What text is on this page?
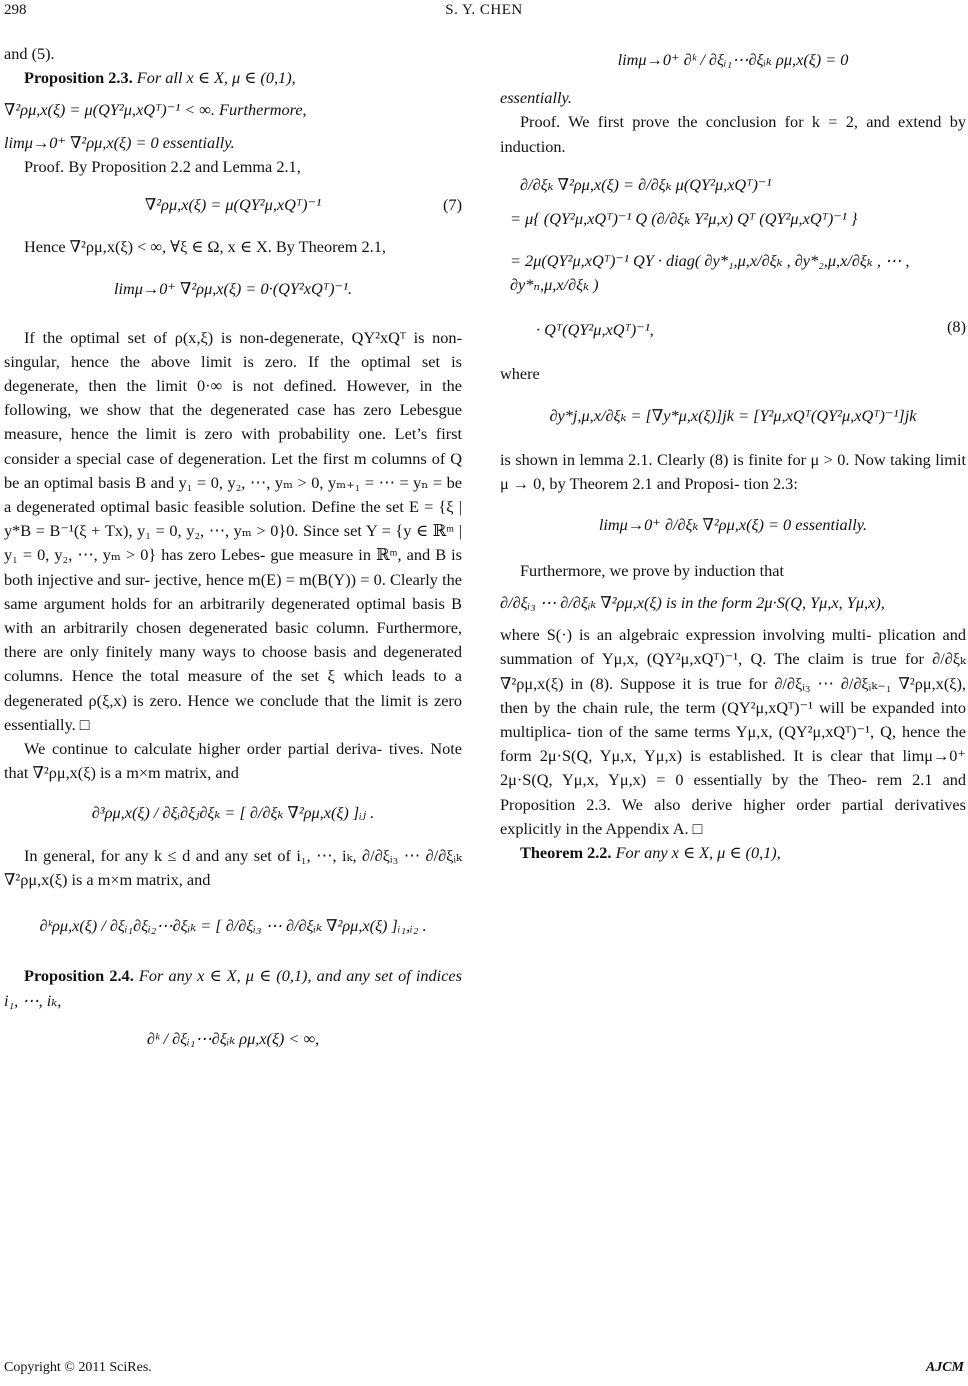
298	S. Y. CHEN

and (5).

Proposition 2.3. For all x ∈ X, μ ∈ (0,1),

∇²ρμ,x(ξ) = μ(QY²μ,xQᵀ)⁻¹ < ∞. Furthermore,

limμ→0⁺ ∇²ρμ,x(ξ) = 0 essentially.

Proof. By Proposition 2.2 and Lemma 2.1,

∇²ρμ,x(ξ) = μ(QY²μ,xQᵀ)⁻¹	(7)

Hence ∇²ρμ,x(ξ) < ∞, ∀ξ ∈ Ω, x ∈ X. By Theorem 2.1,

limμ→0⁺ ∇²ρμ,x(ξ) = 0·(QY²xQᵀ)⁻¹.

If the optimal set of ρ(x,ξ) is non-degenerate, QY²xQᵀ is non-singular, hence the above limit is zero. If the optimal set is degenerate, then the limit 0·∞ is not defined. However, in the following, we show that the degenerated case has zero Lebesgue measure, hence the limit is zero with probability one. Let’s first consider a special case of degeneration. Let the first m columns of Q be an optimal basis B and y₁ = 0, y₂, ⋯, yₘ > 0, yₘ₊₁ = ⋯ = yₙ = be a degenerated optimal basic feasible solution. Define the set E = {ξ | y*B = B⁻¹(ξ + Tx), y₁ = 0, y₂, ⋯, yₘ > 0}0. Since set Y = {y ∈ ℝᵐ | y₁ = 0, y₂, ⋯, yₘ > 0} has zero Lebes- gue measure in ℝᵐ, and B is both injective and sur- jective, hence m(E) = m(B(Y)) = 0. Clearly the same argument holds for an arbitrarily degenerated optimal basis B with an arbitrarily chosen degenerated basic column. Furthermore, there are only finitely many ways to choose basis and degenerated columns. Hence the total measure of the set ξ which leads to a degenerated ρ(ξ,x) is zero. Hence we conclude that the limit is zero essentially. □

We continue to calculate higher order partial deriva- tives. Note that ∇²ρμ,x(ξ) is a m×m matrix, and

∂³ρμ,x(ξ) / ∂ξᵢ∂ξⱼ∂ξₖ = [ ∂/∂ξₖ ∇²ρμ,x(ξ) ]ᵢⱼ .

In general, for any k ≤ d and any set of i₁, ⋯, iₖ, ∂/∂ξᵢ₃ ⋯ ∂/∂ξᵢₖ ∇²ρμ,x(ξ) is a m×m matrix, and

∂ᵏρμ,x(ξ) / ∂ξᵢ₁∂ξᵢ₂⋯∂ξᵢₖ = [ ∂/∂ξᵢ₃ ⋯ ∂/∂ξᵢₖ ∇²ρμ,x(ξ) ]ᵢ₁,ᵢ₂ .

Proposition 2.4. For any x ∈ X, μ ∈ (0,1), and any set of indices i₁, ⋯, iₖ,

∂ᵏ / ∂ξᵢ₁⋯∂ξᵢₖ ρμ,x(ξ) < ∞,
limμ→0⁺ ∂ᵏ / ∂ξᵢ₁⋯∂ξᵢₖ ρμ,x(ξ) = 0

essentially.

Proof. We first prove the conclusion for k = 2, and extend by induction.

∂/∂ξₖ ∇²ρμ,x(ξ) = ∂/∂ξₖ μ(QY²μ,xQᵀ)⁻¹
= μ{ (QY²μ,xQᵀ)⁻¹ Q (∂/∂ξₖ Y²μ,x) Qᵀ (QY²μ,xQᵀ)⁻¹ }
= 2μ(QY²μ,xQᵀ)⁻¹ QY · diag( ∂y*₁,μ,x/∂ξₖ , ∂y*₂,μ,x/∂ξₖ , ⋯ , ∂y*ₙ,μ,x/∂ξₖ )
· Qᵀ(QY²μ,xQᵀ)⁻¹,	(8)

where

∂y*j,μ,x/∂ξₖ = [∇y*μ,x(ξ)]jk = [Y²μ,xQᵀ(QY²μ,xQᵀ)⁻¹]jk

is shown in lemma 2.1. Clearly (8) is finite for μ > 0. Now taking limit μ → 0, by Theorem 2.1 and Proposi- tion 2.3:

limμ→0⁺ ∂/∂ξₖ ∇²ρμ,x(ξ) = 0 essentially.

Furthermore, we prove by induction that

∂/∂ξᵢ₃ ⋯ ∂/∂ξᵢₖ ∇²ρμ,x(ξ) is in the form 2μ·S(Q, Yμ,x, Yμ,x),

where S(·) is an algebraic expression involving multi- plication and summation of Yμ,x, (QY²μ,xQᵀ)⁻¹, Q. The claim is true for ∂/∂ξₖ ∇²ρμ,x(ξ) in (8). Suppose it is true for ∂/∂ξᵢ₃ ⋯ ∂/∂ξᵢₖ₋₁ ∇²ρμ,x(ξ), then by the chain rule, the term (QY²μ,xQᵀ)⁻¹ will be expanded into multiplica- tion of the same terms Yμ,x, (QY²μ,xQᵀ)⁻¹, Q, hence the form 2μ·S(Q, Yμ,x, Yμ,x) is established. It is clear that limμ→0⁺ 2μ·S(Q, Yμ,x, Yμ,x) = 0 essentially by the Theo- rem 2.1 and Proposition 2.3. We also derive higher order partial derivatives explicitly in the Appendix A. □

Theorem 2.2. For any x ∈ X, μ ∈ (0,1),

Copyright © 2011 SciRes.	AJCM
